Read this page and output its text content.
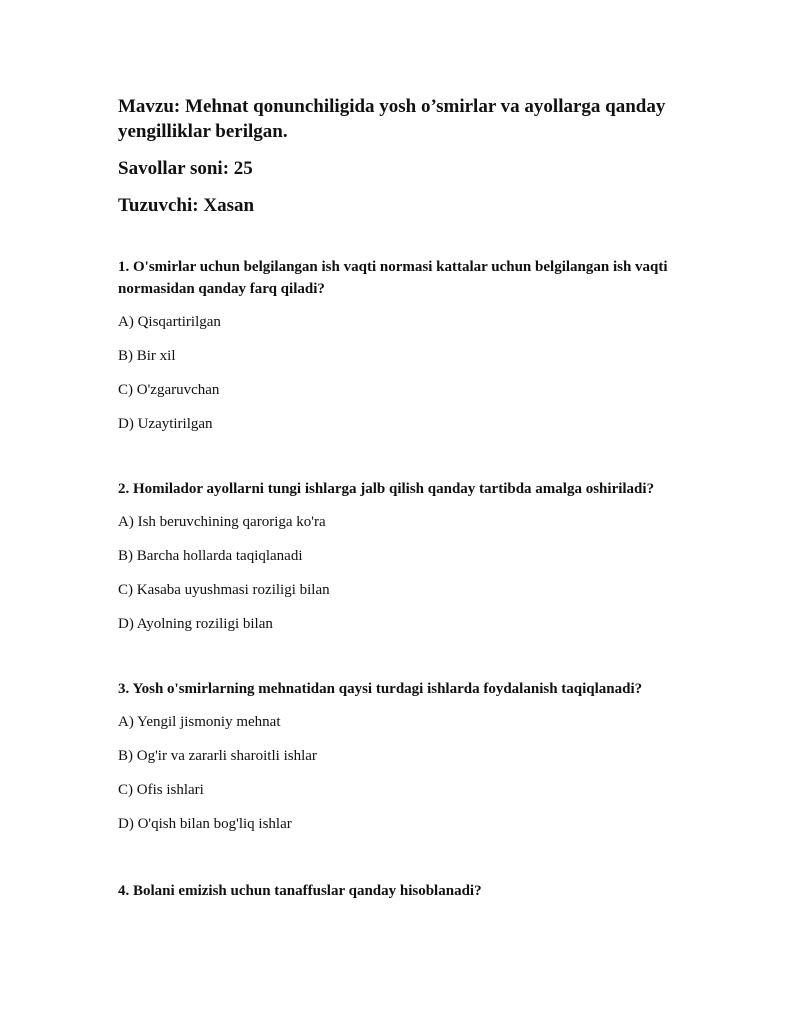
Mavzu: Mehnat qonunchiligida yosh o’smirlar va ayollarga qanday yengilliklar berilgan.

Savollar soni: 25

Tuzuvchi: Xasan

1. O'smirlar uchun belgilangan ish vaqti normasi kattalar uchun belgilangan ish vaqti normasidan qanday farq qiladi?

A) Qisqartirilgan

B) Bir xil

C) O'zgaruvchan

D) Uzaytirilgan

2. Homilador ayollarni tungi ishlarga jalb qilish qanday tartibda amalga oshiriladi?

A) Ish beruvchining qaroriga ko'ra

B) Barcha hollarda taqiqlanadi

C) Kasaba uyushmasi roziligi bilan

D) Ayolning roziligi bilan

3. Yosh o'smirlarning mehnatidan qaysi turdagi ishlarda foydalanish taqiqlanadi?

A) Yengil jismoniy mehnat

B) Og'ir va zararli sharoitli ishlar

C) Ofis ishlari

D) O'qish bilan bog'liq ishlar

4. Bolani emizish uchun tanaffuslar qanday hisoblanadi?
